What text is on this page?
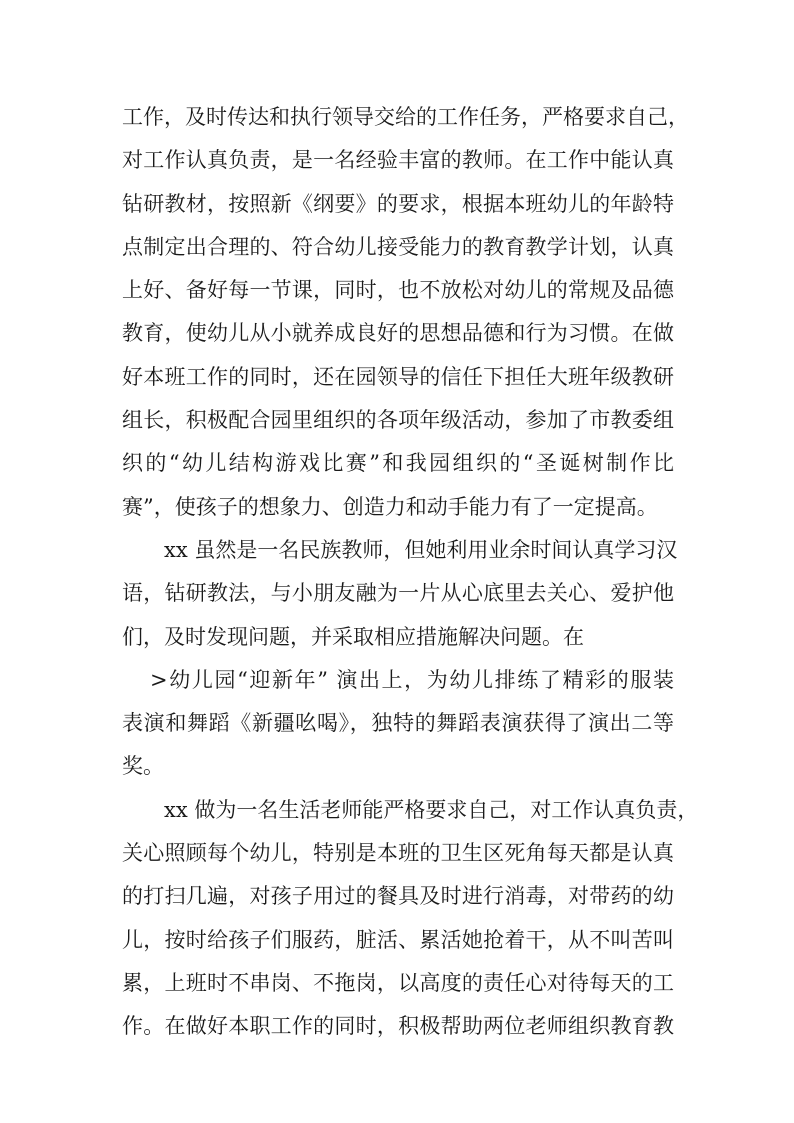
工作，及时传达和执行领导交给的工作任务，严格要求自己，
对工作认真负责，是一名经验丰富的教师。在工作中能认真
钻研教材，按照新《纲要》的要求，根据本班幼儿的年龄特
点制定出合理的、符合幼儿接受能力的教育教学计划，认真
上好、备好每一节课，同时，也不放松对幼儿的常规及品德
教育，使幼儿从小就养成良好的思想品德和行为习惯。在做
好本班工作的同时，还在园领导的信任下担任大班年级教研
组长，积极配合园里组织的各项年级活动，参加了市教委组
织的“幼儿结构游戏比赛”和我园组织的“圣诞树制作比
赛”，使孩子的想象力、创造力和动手能力有了一定提高。
xx 虽然是一名民族教师，但她利用业余时间认真学习汉
语，钻研教法，与小朋友融为一片从心底里去关心、爱护他
们，及时发现问题，并采取相应措施解决问题。在
>幼儿园“迎新年” 演出上，为幼儿排练了精彩的服装
表演和舞蹈《新疆吆喝》，独特的舞蹈表演获得了演出二等
奖。
xx 做为一名生活老师能严格要求自己，对工作认真负责，
关心照顾每个幼儿，特别是本班的卫生区死角每天都是认真
的打扫几遍，对孩子用过的餐具及时进行消毒，对带药的幼
儿，按时给孩子们服药，脏活、累活她抢着干，从不叫苦叫
累，上班时不串岗、不拖岗，以高度的责任心对待每天的工
作。在做好本职工作的同时，积极帮助两位老师组织教育教
